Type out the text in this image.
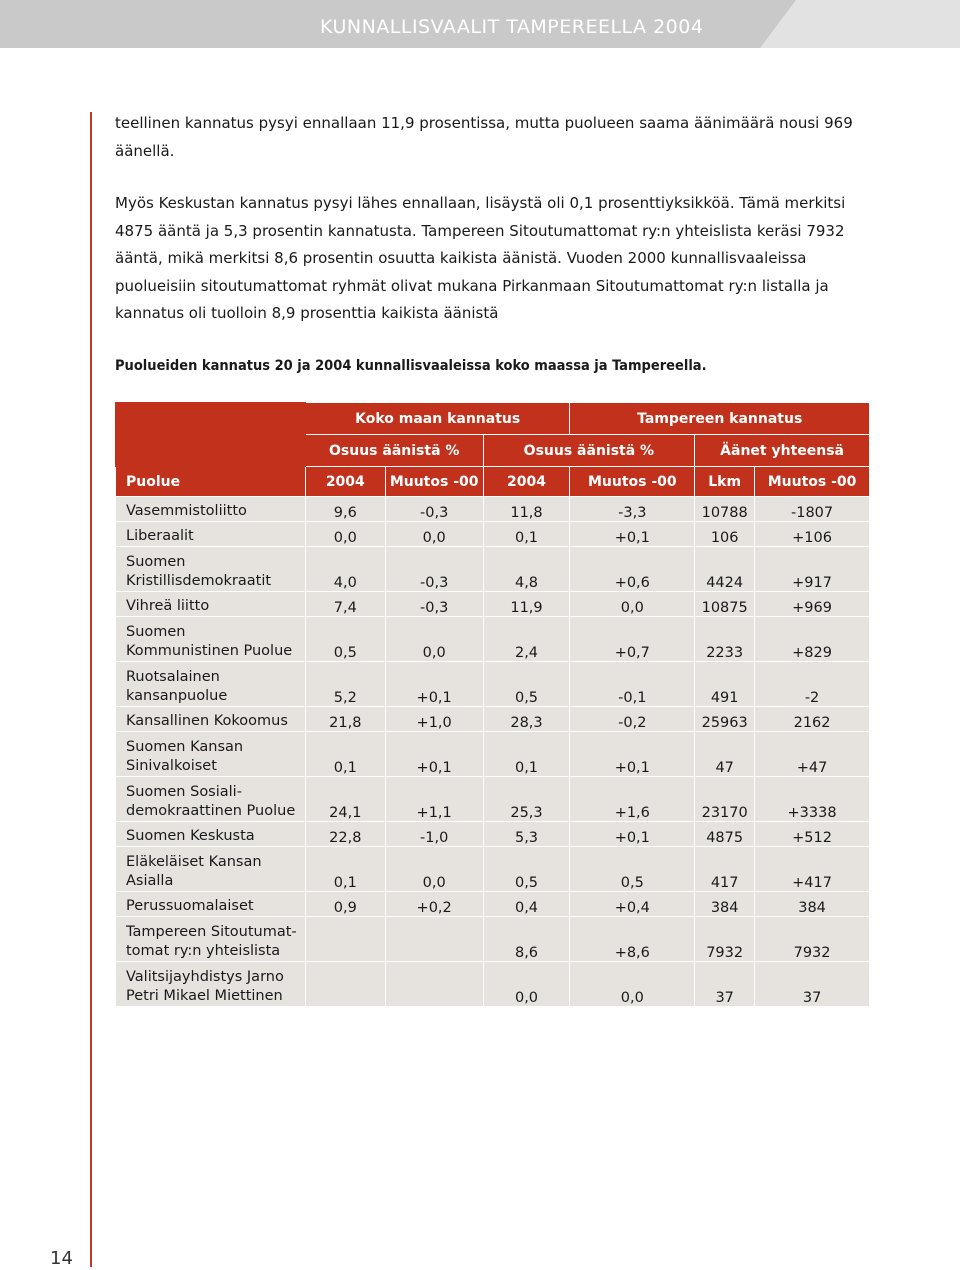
KUNNALLISVAALIT TAMPEREELLA 2004
14

teellinen kannatus pysyi ennallaan 11,9 prosentissa, mutta puolueen saama äänimäärä nousi 969 äänellä.

Myös Keskustan kannatus pysyi lähes ennallaan, lisäystä oli 0,1 prosenttiyksikköä. Tämä merkitsi 4875 ääntä ja 5,3 prosentin kannatusta. Tampereen Sitoutumattomat ry:n yhteislista keräsi 7932 ääntä, mikä merkitsi 8,6 prosentin osuutta kaikista äänistä. Vuoden 2000 kunnallisvaaleissa puolueisiin sitoutumattomat ryhmät olivat mukana Pirkanmaan Sitoutumattomat ry:n listalla ja kannatus oli tuolloin 8,9 prosenttia kaikista äänistä

Puolueiden kannatus 20 ja 2004 kunnallisvaaleissa koko maassa ja Tampereella.
	Koko maan kannatus			Tampereen kannatus		
	Osuus äänistä %		Osuus äänistä %		Äänet yhteensä	
Puolue	2004	Muutos -00	2004	Muutos -00	Lkm	Muutos -00

Vasemmistoliitto	9,6	-0,3	11,8	-3,3	10788	-1807

Liberaalit	0,0	0,0	0,1	+0,1	106	+106

Suomen
Kristillisdemokraatit	4,0	-0,3	4,8	+0,6	4424	+917

Vihreä liitto	7,4	-0,3	11,9	0,0	10875	+969

Suomen
Kommunistinen Puolue	0,5	0,0	2,4	+0,7	2233	+829

Ruotsalainen
kansanpuolue	5,2	+0,1	0,5	-0,1	491	-2

Kansallinen Kokoomus	21,8	+1,0	28,3	-0,2	25963	2162

Suomen Kansan
Sinivalkoiset	0,1	+0,1	0,1	+0,1	47	+47

Suomen Sosiali-
demokraattinen Puolue	24,1	+1,1	25,3	+1,6	23170	+3338

Suomen Keskusta	22,8	-1,0	5,3	+0,1	4875	+512

Eläkeläiset Kansan
Asialla	0,1	0,0	0,5	0,5	417	+417

Perussuomalaiset	0,9	+0,2	0,4	+0,4	384	384

Tampereen Sitoutumat-
tomat ry:n yhteislista			8,6	+8,6	7932	7932

Valitsijayhdistys Jarno
Petri Mikael Miettinen			0,0	0,0	37	37
